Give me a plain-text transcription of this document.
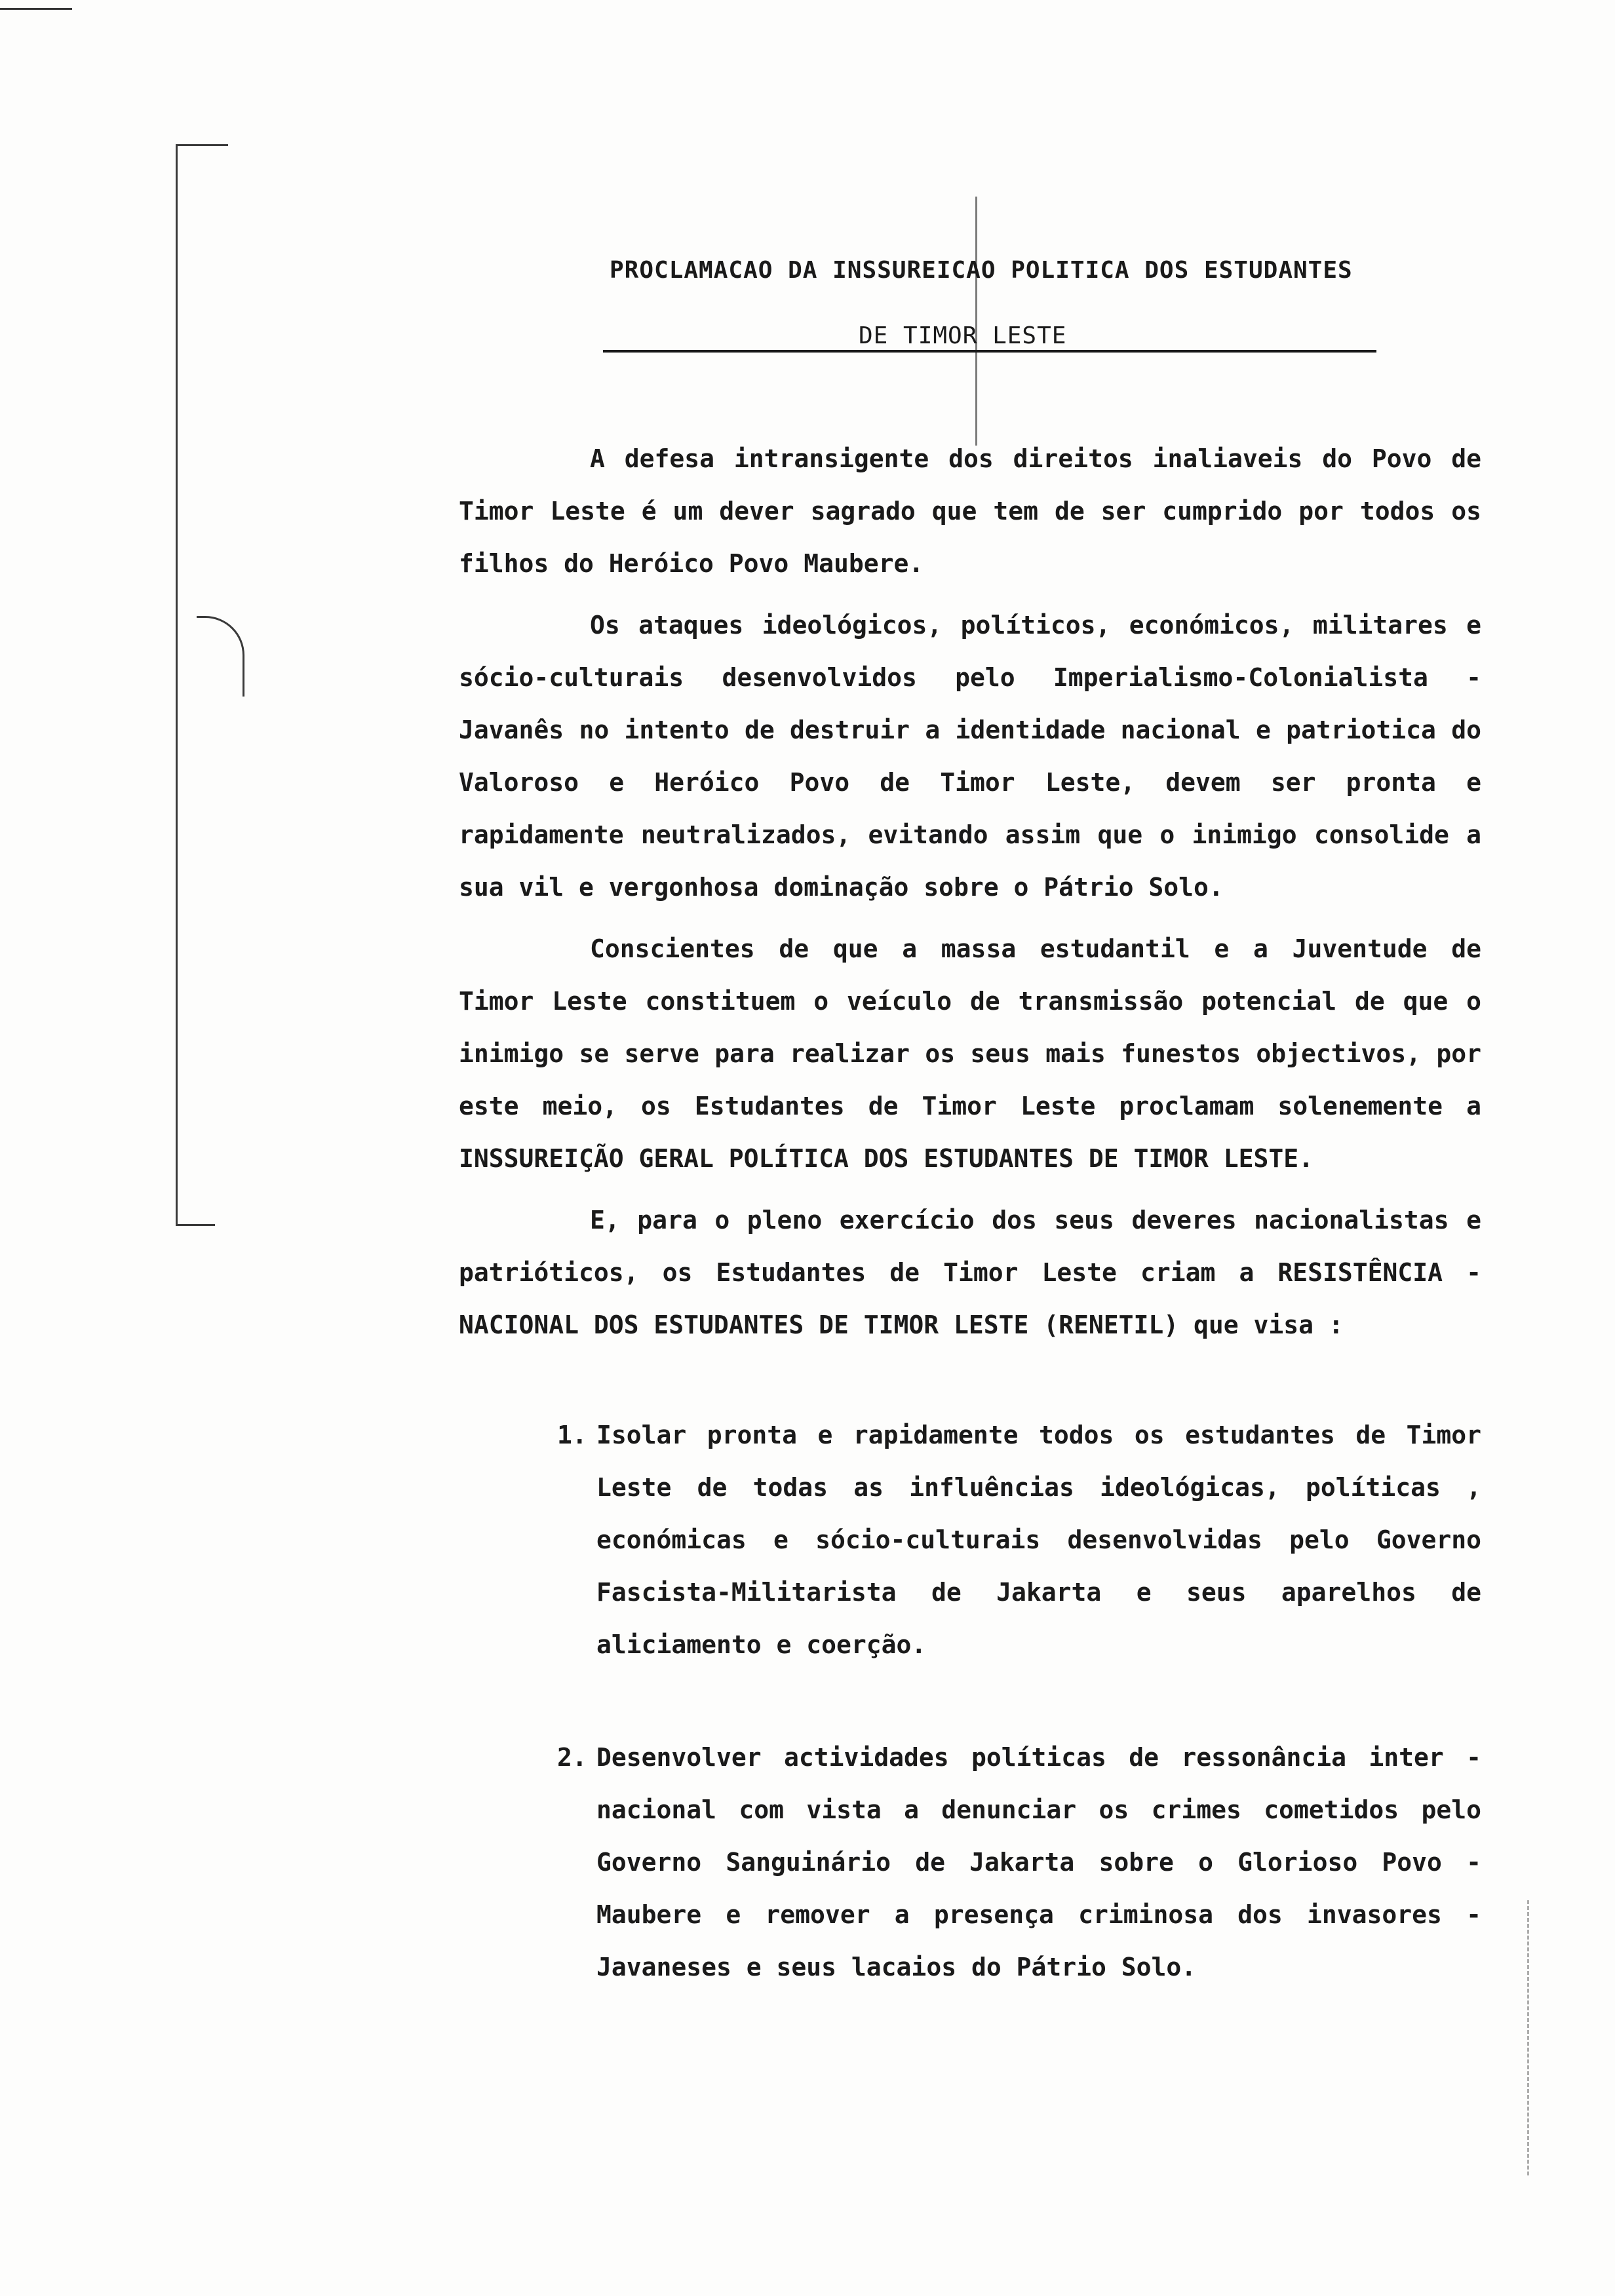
PROCLAMACAO DA INSSUREICAO POLITICA DOS ESTUDANTES
DE TIMOR LESTE

A defesa intransigente dos direitos inaliaveis do Povo de Timor Leste é um dever sagrado que tem de ser cumprido por todos os filhos do Heróico Povo Maubere.

Os ataques ideológicos, políticos, económicos, militares e sócio-culturais desenvolvidos pelo Imperialismo-Colonialista - Javanês no intento de destruir a identidade nacional e patriotica do Valoroso e Heróico Povo de Timor Leste, devem ser pronta e rapidamente neutralizados, evitando assim que o inimigo consolide a sua vil e vergonhosa dominação sobre o Pátrio Solo.

Conscientes de que a massa estudantil e a Juventude de Timor Leste constituem o veículo de transmissão potencial de que o inimigo se serve para realizar os seus mais funestos objectivos, por este meio, os Estudantes de Timor Leste proclamam solenemente a INSSUREIÇÃO GERAL POLÍTICA DOS ESTUDANTES DE TIMOR LESTE.

E, para o pleno exercício dos seus deveres nacionalistas e patrióticos, os Estudantes de Timor Leste criam a RESISTÊNCIA - NACIONAL DOS ESTUDANTES DE TIMOR LESTE (RENETIL) que visa :

1. Isolar pronta e rapidamente todos os estudantes de Timor Leste de todas as influências ideológicas, políticas , económicas e sócio-culturais desenvolvidas pelo Governo Fascista-Militarista de Jakarta e seus aparelhos de aliciamento e coerção.
2. Desenvolver actividades políticas de ressonância inter - nacional com vista a denunciar os crimes cometidos pelo Governo Sanguinário de Jakarta sobre o Glorioso Povo - Maubere e remover a presença criminosa dos invasores - Javaneses e seus lacaios do Pátrio Solo.
